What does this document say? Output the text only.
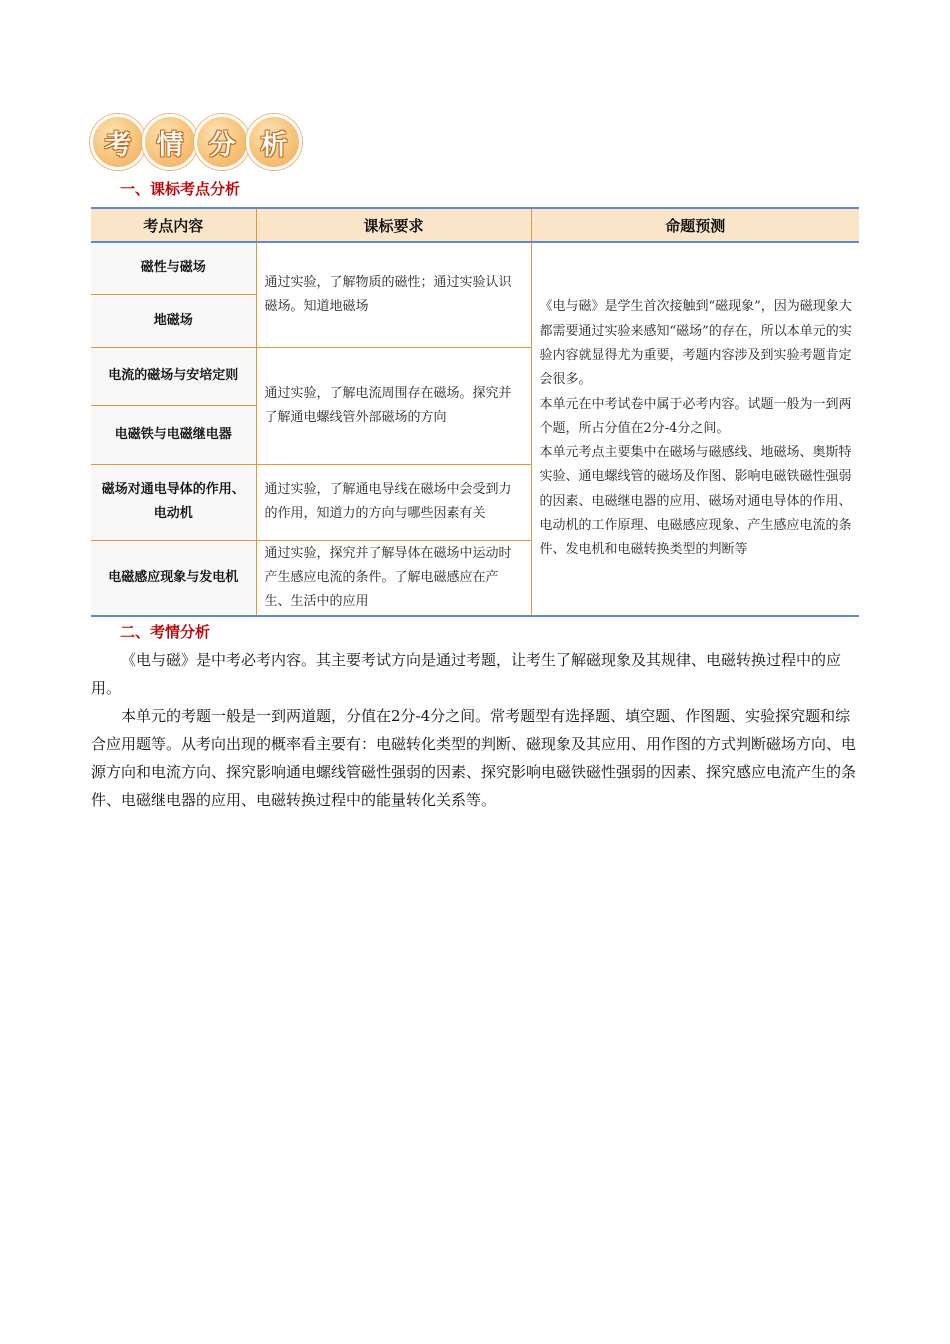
考 情 分 析
一、课标考点分析
考点内容	课标要求	命题预测
磁性与磁场	通过实验，了解物质的磁性；通过实验认识磁场。知道地磁场	《电与磁》是学生首次接触到“磁现象”，因为磁现象大都需要通过实验来感知“磁场”的存在，所以本单元的实验内容就显得尤为重要，考题内容涉及到实验考题肯定会很多。
本单元在中考试卷中属于必考内容。试题一般为一到两个题，所占分值在2分-4分之间。
本单元考点主要集中在磁场与磁感线、地磁场、奥斯特实验、通电螺线管的磁场及作图、影响电磁铁磁性强弱的因素、电磁继电器的应用、磁场对通电导体的作用、电动机的工作原理、电磁感应现象、产生感应电流的条件、发电机和电磁转换类型的判断等

地磁场		
电流的磁场与安培定则	通过实验，了解电流周围存在磁场。探究并了解通电螺线管外部磁场的方向	
电磁铁与电磁继电器		
磁场对通电导体的作用、电动机	通过实验，了解通电导线在磁场中会受到力的作用，知道力的方向与哪些因素有关	
电磁感应现象与发电机	通过实验，探究并了解导体在磁场中运动时产生感应电流的条件。了解电磁感应在产生、生活中的应用	
二、考情分析

《电与磁》是中考必考内容。其主要考试方向是通过考题，让考生了解磁现象及其规律、电磁转换过程中的应用。

本单元的考题一般是一到两道题，分值在2分-4分之间。常考题型有选择题、填空题、作图题、实验探究题和综合应用题等。从考向出现的概率看主要有：电磁转化类型的判断、磁现象及其应用、用作图的方式判断磁场方向、电源方向和电流方向、探究影响通电螺线管磁性强弱的因素、探究影响电磁铁磁性强弱的因素、探究感应电流产生的条件、电磁继电器的应用、电磁转换过程中的能量转化关系等。
